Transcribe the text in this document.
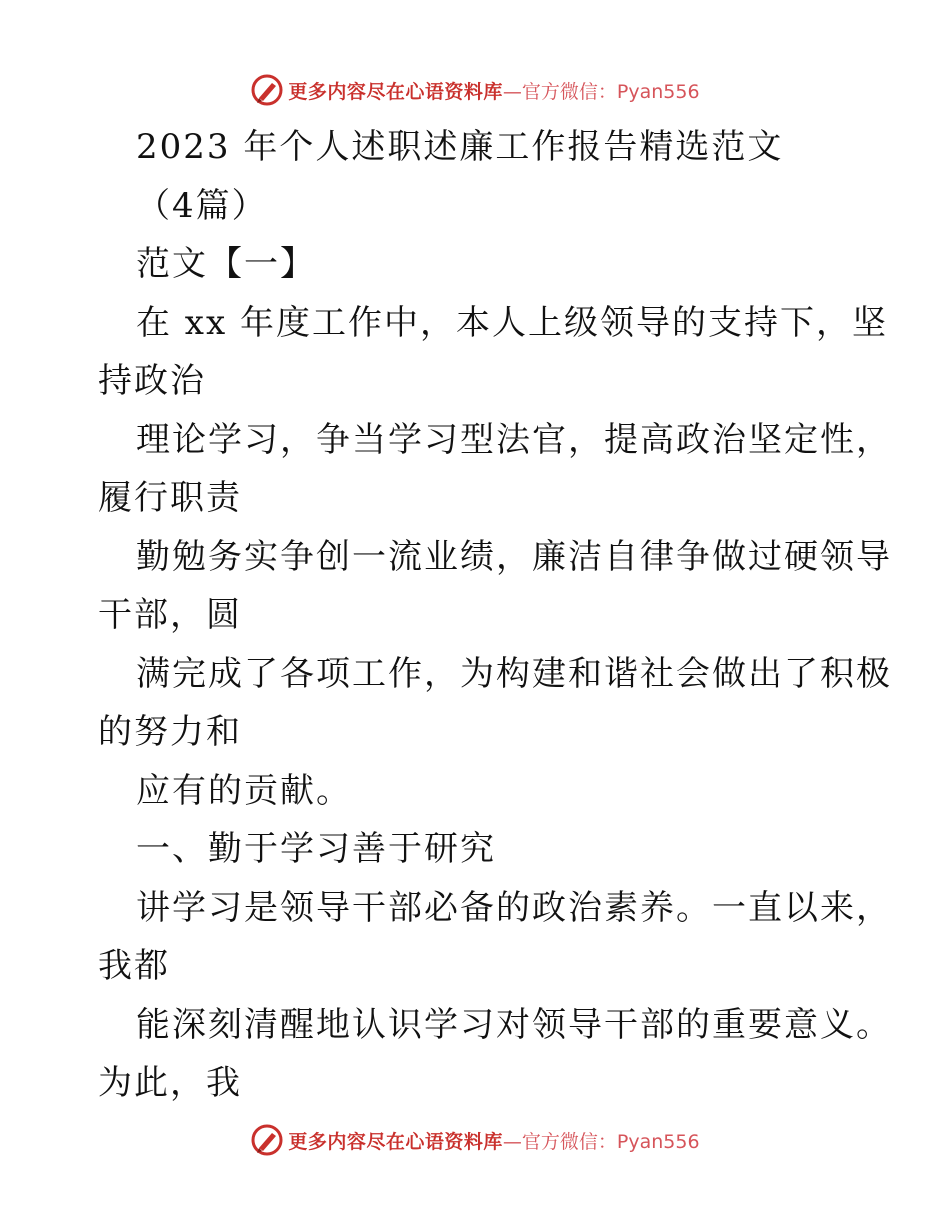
更多内容尽在心语资料库 —官方微信：Pyan556
2023 年个人述职述廉工作报告精选范文
（4篇）
范文【一】
在 xx 年度工作中，本人上级领导的支持下，坚
持政治
理论学习，争当学习型法官，提高政治坚定性，
履行职责
勤勉务实争创一流业绩，廉洁自律争做过硬领导
干部，圆
满完成了各项工作，为构建和谐社会做出了积极
的努力和
应有的贡献。
一、勤于学习善于研究
讲学习是领导干部必备的政治素养。一直以来，
我都
能深刻清醒地认识学习对领导干部的重要意义。
为此，我
更多内容尽在心语资料库 —官方微信：Pyan556
